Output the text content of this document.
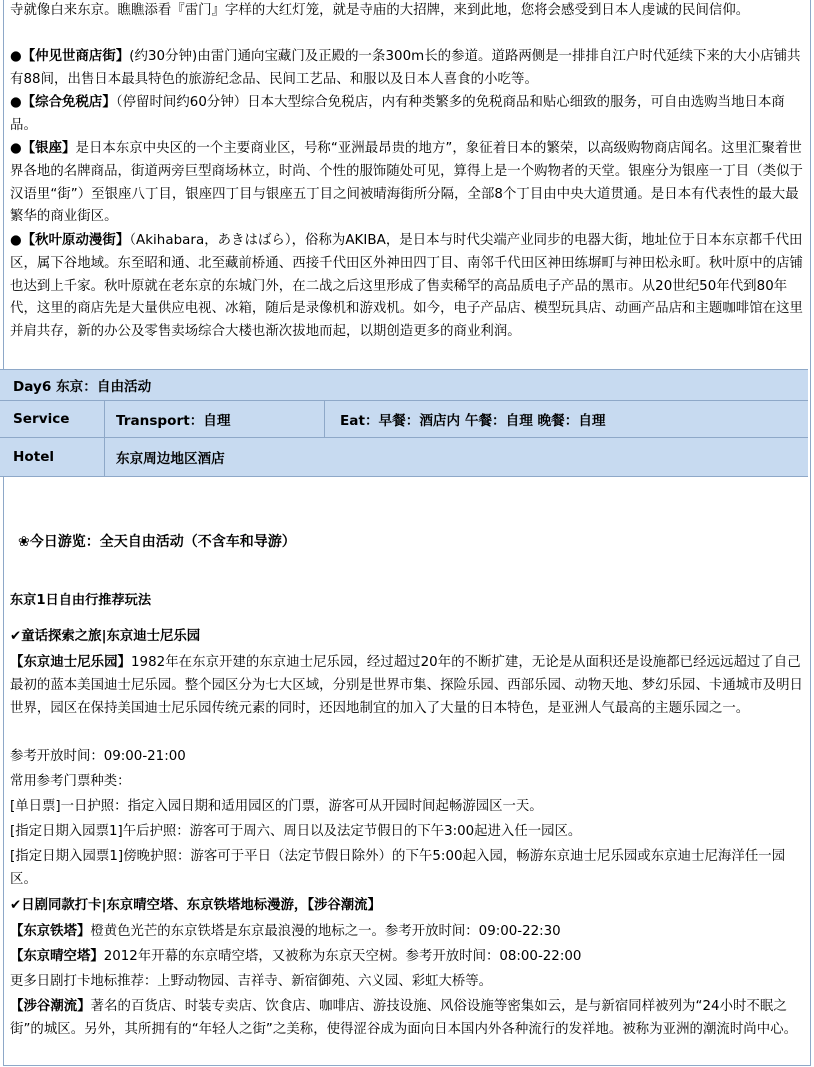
寺就像白来东京。瞧瞧添看『雷门』字样的大红灯笼，就是寺庙的大招牌，来到此地，您将会感受到日本人虔诚的民间信仰。
●【仲见世商店街】(约30分钟)由雷门通向宝藏门及正殿的一条300m长的参道。道路两侧是一排排自江户时代延续下来的大小店铺共有88间，出售日本最具特色的旅游纪念品、民间工艺品、和服以及日本人喜食的小吃等。
●【综合免税店】（停留时间约60分钟）日本大型综合免税店，内有种类繁多的免税商品和贴心细致的服务，可自由选购当地日本商品。
●【银座】是日本东京中央区的一个主要商业区，号称“亚洲最昂贵的地方”，象征着日本的繁荣，以高级购物商店闻名。这里汇聚着世界各地的名牌商品，街道两旁巨型商场林立，时尚、个性的服饰随处可见，算得上是一个购物者的天堂。银座分为银座一丁目（类似于汉语里“街”）至银座八丁目，银座四丁目与银座五丁目之间被晴海街所分隔，全部8个丁目由中央大道贯通。是日本有代表性的最大最繁华的商业街区。
●【秋叶原动漫街】（Akihabara，あきはばら），俗称为AKIBA，是日本与时代尖端产业同步的电器大街，地址位于日本东京都千代田区，属下谷地域。东至昭和通、北至藏前桥通、西接千代田区外神田四丁目、南邻千代田区神田练塀町与神田松永町。秋叶原中的店铺也达到上千家。秋叶原就在老东京的东城门外，在二战之后这里形成了售卖稀罕的高品质电子产品的黑市。从20世纪50年代到80年代，这里的商店先是大量供应电视、冰箱，随后是录像机和游戏机。如今，电子产品店、模型玩具店、动画产品店和主题咖啡馆在这里并肩共存，新的办公及零售卖场综合大楼也渐次拔地而起，以期创造更多的商业利润。
Day6 东京：自由活动
Service	Transport：自理	Eat：早餐：酒店内 午餐：自理 晚餐：自理
Hotel	东京周边地区酒店
❀今日游览：全天自由活动（不含车和导游）
东京1日自由行推荐玩法
✔童话探索之旅|东京迪士尼乐园
【东京迪士尼乐园】1982年在东京开建的东京迪士尼乐园，经过超过20年的不断扩建，无论是从面积还是设施都已经远远超过了自己最初的蓝本美国迪士尼乐园。整个园区分为七大区域，分别是世界市集、探险乐园、西部乐园、动物天地、梦幻乐园、卡通城市及明日世界，园区在保持美国迪士尼乐园传统元素的同时，还因地制宜的加入了大量的日本特色，是亚洲人气最高的主题乐园之一。
参考开放时间：09:00-21:00
常用参考门票种类：
[单日票]一日护照：指定入园日期和适用园区的门票，游客可从开园时间起畅游园区一天。
[指定日期入园票1]午后护照：游客可于周六、周日以及法定节假日的下午3:00起进入任一园区。
[指定日期入园票1]傍晚护照：游客可于平日（法定节假日除外）的下午5:00起入园，畅游东京迪士尼乐园或东京迪士尼海洋任一园区。
✔日剧同款打卡|东京晴空塔、东京铁塔地标漫游，【涉谷潮流】
【东京铁塔】橙黄色光芒的东京铁塔是东京最浪漫的地标之一。参考开放时间：09:00-22:30
【东京晴空塔】2012年开幕的东京晴空塔，又被称为东京天空树。参考开放时间：08:00-22:00
更多日剧打卡地标推荐：上野动物园、吉祥寺、新宿御苑、六义园、彩虹大桥等。
【涉谷潮流】著名的百货店、时装专卖店、饮食店、咖啡店、游技设施、风俗设施等密集如云，是与新宿同样被列为“24小时不眠之街”的城区。另外，其所拥有的“年轻人之街”之美称，使得涩谷成为面向日本国内外各种流行的发祥地。被称为亚洲的潮流时尚中心。
